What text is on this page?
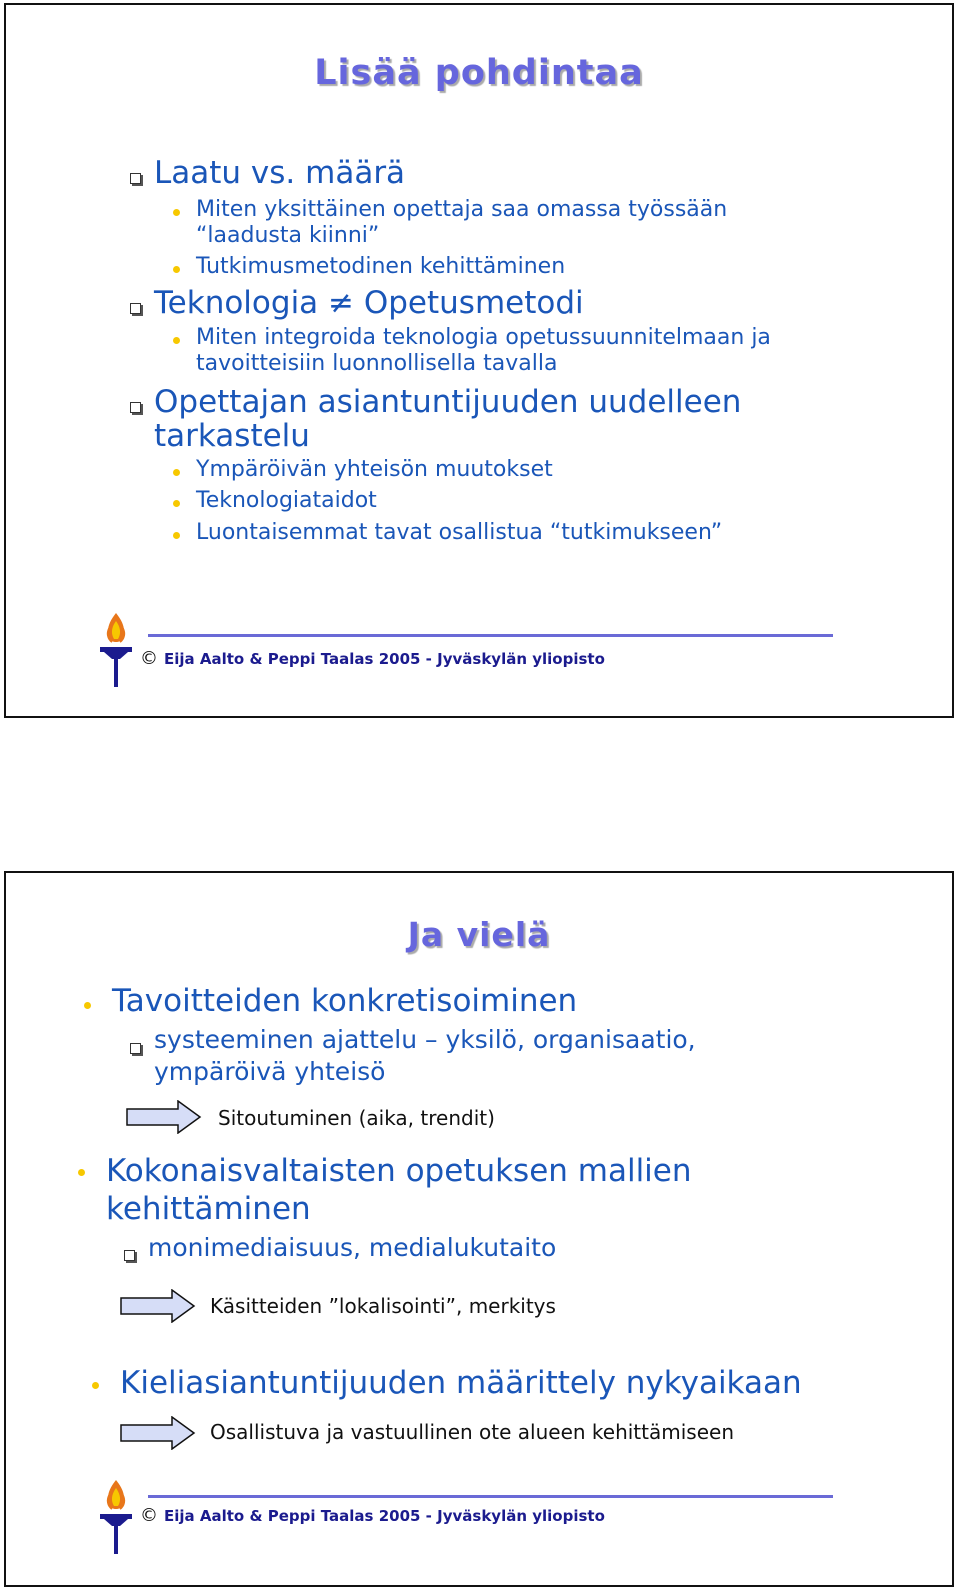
Lisää pohdintaa
Laatu vs. määrä
Miten yksittäinen opettaja saa omassa työssään
“laadusta kiinni”
Tutkimusmetodinen kehittäminen
Teknologia ≠ Opetusmetodi
Miten integroida teknologia opetussuunnitelmaan ja
tavoitteisiin luonnollisella tavalla
Opettajan asiantuntijuuden uudelleen
tarkastelu
Ympäröivän yhteisön muutokset
Teknologiataidot
Luontaisemmat tavat osallistua “tutkimukseen”
© Eija Aalto & Peppi Taalas 2005 - Jyväskylän yliopisto
Ja vielä
Tavoitteiden konkretisoiminen
systeeminen ajattelu – yksilö, organisaatio,
ympäröivä yhteisö
Sitoutuminen (aika, trendit)
Kokonaisvaltaisten opetuksen mallien
kehittäminen
monimediaisuus, medialukutaito
Käsitteiden ”lokalisointi”, merkitys
Kieliasiantuntijuuden määrittely nykyaikaan
Osallistuva ja vastuullinen ote alueen kehittämiseen
© Eija Aalto & Peppi Taalas 2005 - Jyväskylän yliopisto
